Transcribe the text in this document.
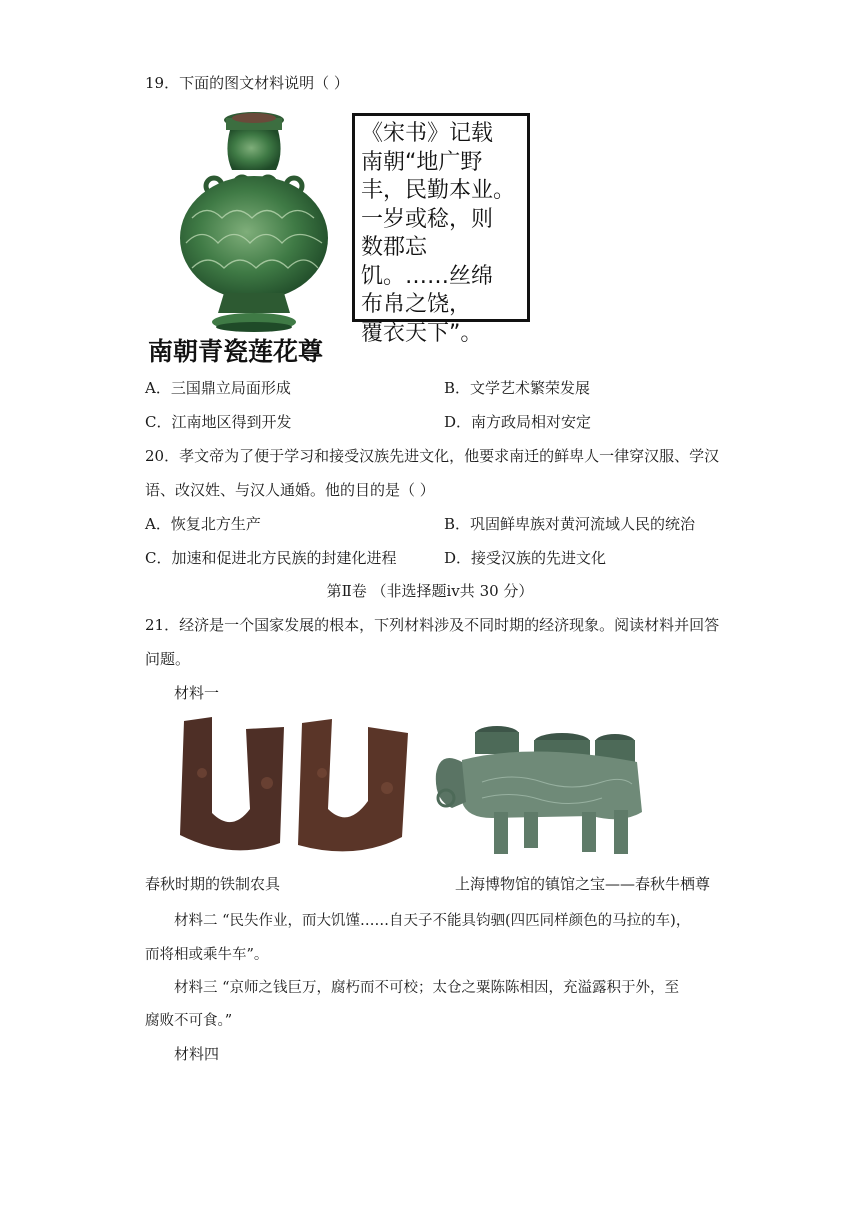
19．下面的图文材料说明（ ）
《宋书》记载
南朝“地广野
丰，民勤本业。
一岁或稔，则
数郡忘
饥。……丝绵
布帛之饶，
覆衣天下”。
南朝青瓷莲花尊
A．三国鼎立局面形成	B．文学艺术繁荣发展
C．江南地区得到开发	D．南方政局相对安定
20．孝文帝为了便于学习和接受汉族先进文化，他要求南迁的鲜卑人一律穿汉服、学汉
语、改汉姓、与汉人通婚。他的目的是（ ）
A．恢复北方生产	B．巩固鲜卑族对黄河流域人民的统治
C．加速和促进北方民族的封建化进程	D．接受汉族的先进文化
第Ⅱ卷 （非选择题ⅳ共 30 分）
21．经济是一个国家发展的根本，下列材料涉及不同时期的经济现象。阅读材料并回答
问题。
材料一
春秋时期的铁制农具	上海博物馆的镇馆之宝——春秋牛栖尊
材料二 “民失作业，而大饥馑……自天子不能具钧驷(四匹同样颜色的马拉的车)，
而将相或乘牛车”。
材料三 “京师之钱巨万，腐朽而不可校；太仓之粟陈陈相因，充溢露积于外，至
腐败不可食。”
材料四
